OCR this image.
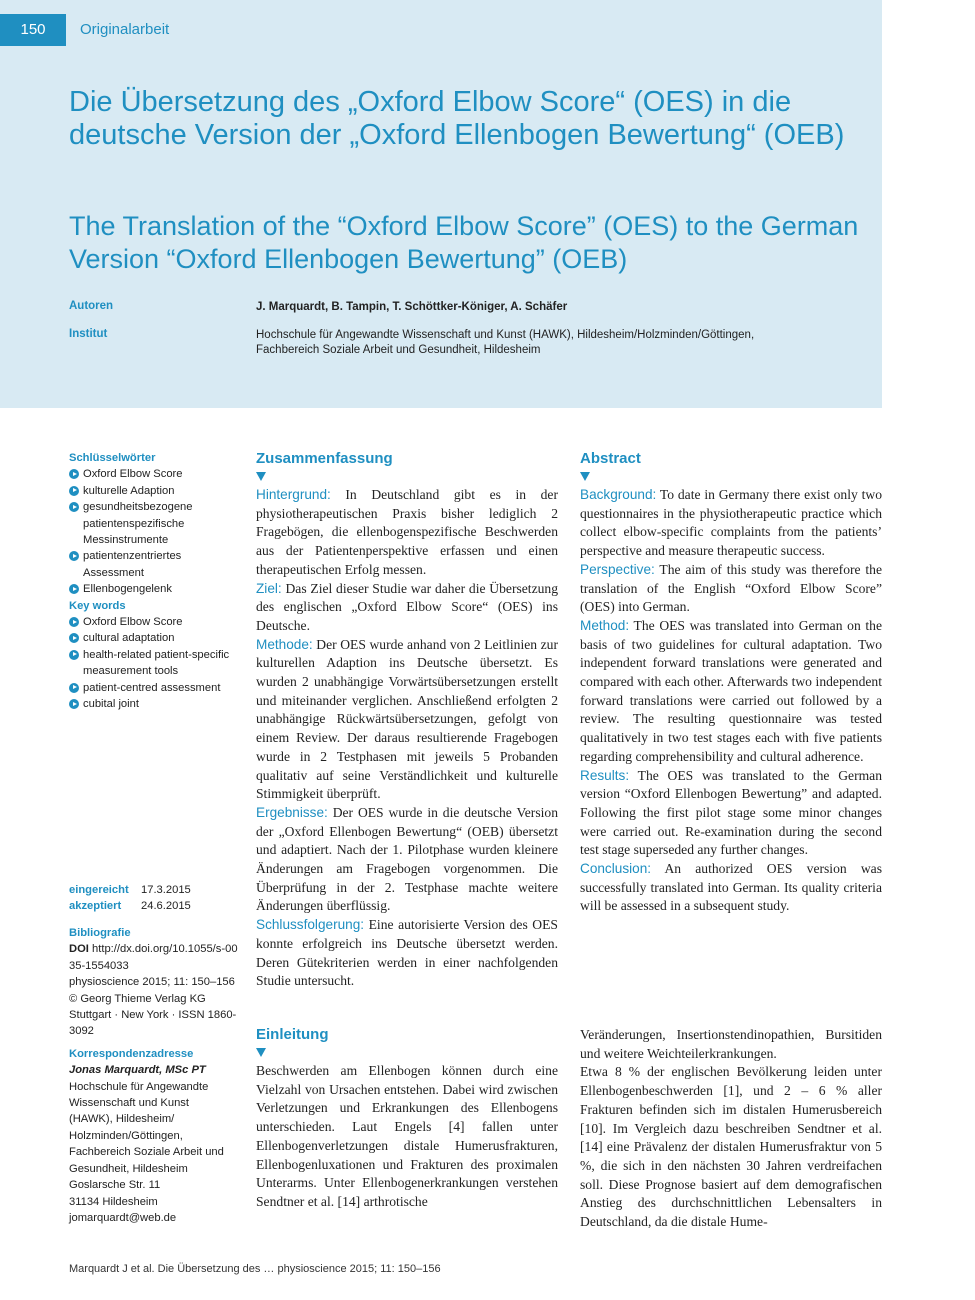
150	Originalarbeit
Die Übersetzung des „Oxford Elbow Score“ (OES) in die deutsche Version der „Oxford Ellenbogen Bewertung“ (OEB)
The Translation of the “Oxford Elbow Score” (OES) to the German Version “Oxford Ellenbogen Bewertung” (OEB)
Autoren	J. Marquardt, B. Tampin, T. Schöttker-Königer, A. Schäfer
Institut	Hochschule für Angewandte Wissenschaft und Kunst (HAWK), Hildesheim/Holzminden/Göttingen,
Fachbereich Soziale Arbeit und Gesundheit, Hildesheim
Schlüsselwörter
Oxford Elbow Score
kulturelle Adaption
gesundheitsbezogene patientenspezifische Messinstrumente
patientenzentriertes Assessment
Ellenbogengelenk
Key words
Oxford Elbow Score
cultural adaptation
health-related patient-specific measurement tools
patient-centred assessment
cubital joint
eingereicht 17.3.2015
akzeptiert 24.6.2015
Bibliografie
DOI http://dx.doi.org/10.1055/s-0035-1554033
physioscience 2015; 11: 150–156 © Georg Thieme Verlag KG Stuttgart · New York · ISSN 1860-3092
Korrespondenzadresse
Jonas Marquardt, MSc PT
Hochschule für Angewandte
Wissenschaft und Kunst
(HAWK), Hildesheim/
Holzminden/Göttingen,
Fachbereich Soziale Arbeit und
Gesundheit, Hildesheim
Goslarsche Str. 11
31134 Hildesheim
jomarquardt@web.de
Zusammenfassung
Hintergrund: In Deutschland gibt es in der physiotherapeutischen Praxis bisher lediglich 2 Fragebögen, die ellenbogenspezifische Beschwerden aus der Patientenperspektive erfassen und einen therapeutischen Erfolg messen.
Ziel: Das Ziel dieser Studie war daher die Übersetzung des englischen „Oxford Elbow Score“ (OES) ins Deutsche.
Methode: Der OES wurde anhand von 2 Leitlinien zur kulturellen Adaption ins Deutsche übersetzt. Es wurden 2 unabhängige Vorwärtsübersetzungen erstellt und miteinander verglichen. Anschließend erfolgten 2 unabhängige Rückwärtsübersetzungen, gefolgt von einem Review. Der daraus resultierende Fragebogen wurde in 2 Testphasen mit jeweils 5 Probanden qualitativ auf seine Verständlichkeit und kulturelle Stimmigkeit überprüft.
Ergebnisse: Der OES wurde in die deutsche Version der „Oxford Ellenbogen Bewertung“ (OEB) übersetzt und adaptiert. Nach der 1. Pilotphase wurden kleinere Änderungen am Fragebogen vorgenommen. Die Überprüfung in der 2. Testphase machte weitere Änderungen überflüssig.
Schlussfolgerung: Eine autorisierte Version des OES konnte erfolgreich ins Deutsche übersetzt werden. Deren Gütekriterien werden in einer nachfolgenden Studie untersucht.
Abstract
Background: To date in Germany there exist only two questionnaires in the physiotherapeutic practice which collect elbow-specific complaints from the patients’ perspective and measure therapeutic success.
Perspective: The aim of this study was therefore the translation of the English “Oxford Elbow Score” (OES) into German.
Method: The OES was translated into German on the basis of two guidelines for cultural adaptation. Two independent forward translations were generated and compared with each other. Afterwards two independent forward translations were carried out followed by a review. The resulting questionnaire was tested qualitatively in two test stages each with five patients regarding comprehensibility and cultural adherence.
Results: The OES was translated to the German version “Oxford Ellenbogen Bewertung” and adapted. Following the first pilot stage some minor changes were carried out. Re-examination during the second test stage superseded any further changes.
Conclusion: An authorized OES version was successfully translated into German. Its quality criteria will be assessed in a subsequent study.
Einleitung
Beschwerden am Ellenbogen können durch eine Vielzahl von Ursachen entstehen. Dabei wird zwischen Verletzungen und Erkrankungen des Ellenbogens unterschieden. Laut Engels [4] fallen unter Ellenbogenverletzungen distale Humerusfrakturen, Ellenbogenluxationen und Frakturen des proximalen Unterarms. Unter Ellenbogenerkrankungen verstehen Sendtner et al. [14] arthrotische
Veränderungen, Insertionstendinopathien, Bursitiden und weitere Weichteilerkrankungen.
Etwa 8 % der englischen Bevölkerung leiden unter Ellenbogenbeschwerden [1], und 2 – 6 % aller Frakturen befinden sich im distalen Humerusbereich [10]. Im Vergleich dazu beschreiben Sendtner et al. [14] eine Prävalenz der distalen Humerusfraktur von 5 %, die sich in den nächsten 30 Jahren verdreifachen soll. Diese Prognose basiert auf dem demografischen Anstieg des durchschnittlichen Lebensalters in Deutschland, da die distale Hume-
Marquardt J et al. Die Übersetzung des … physioscience 2015; 11: 150–156
